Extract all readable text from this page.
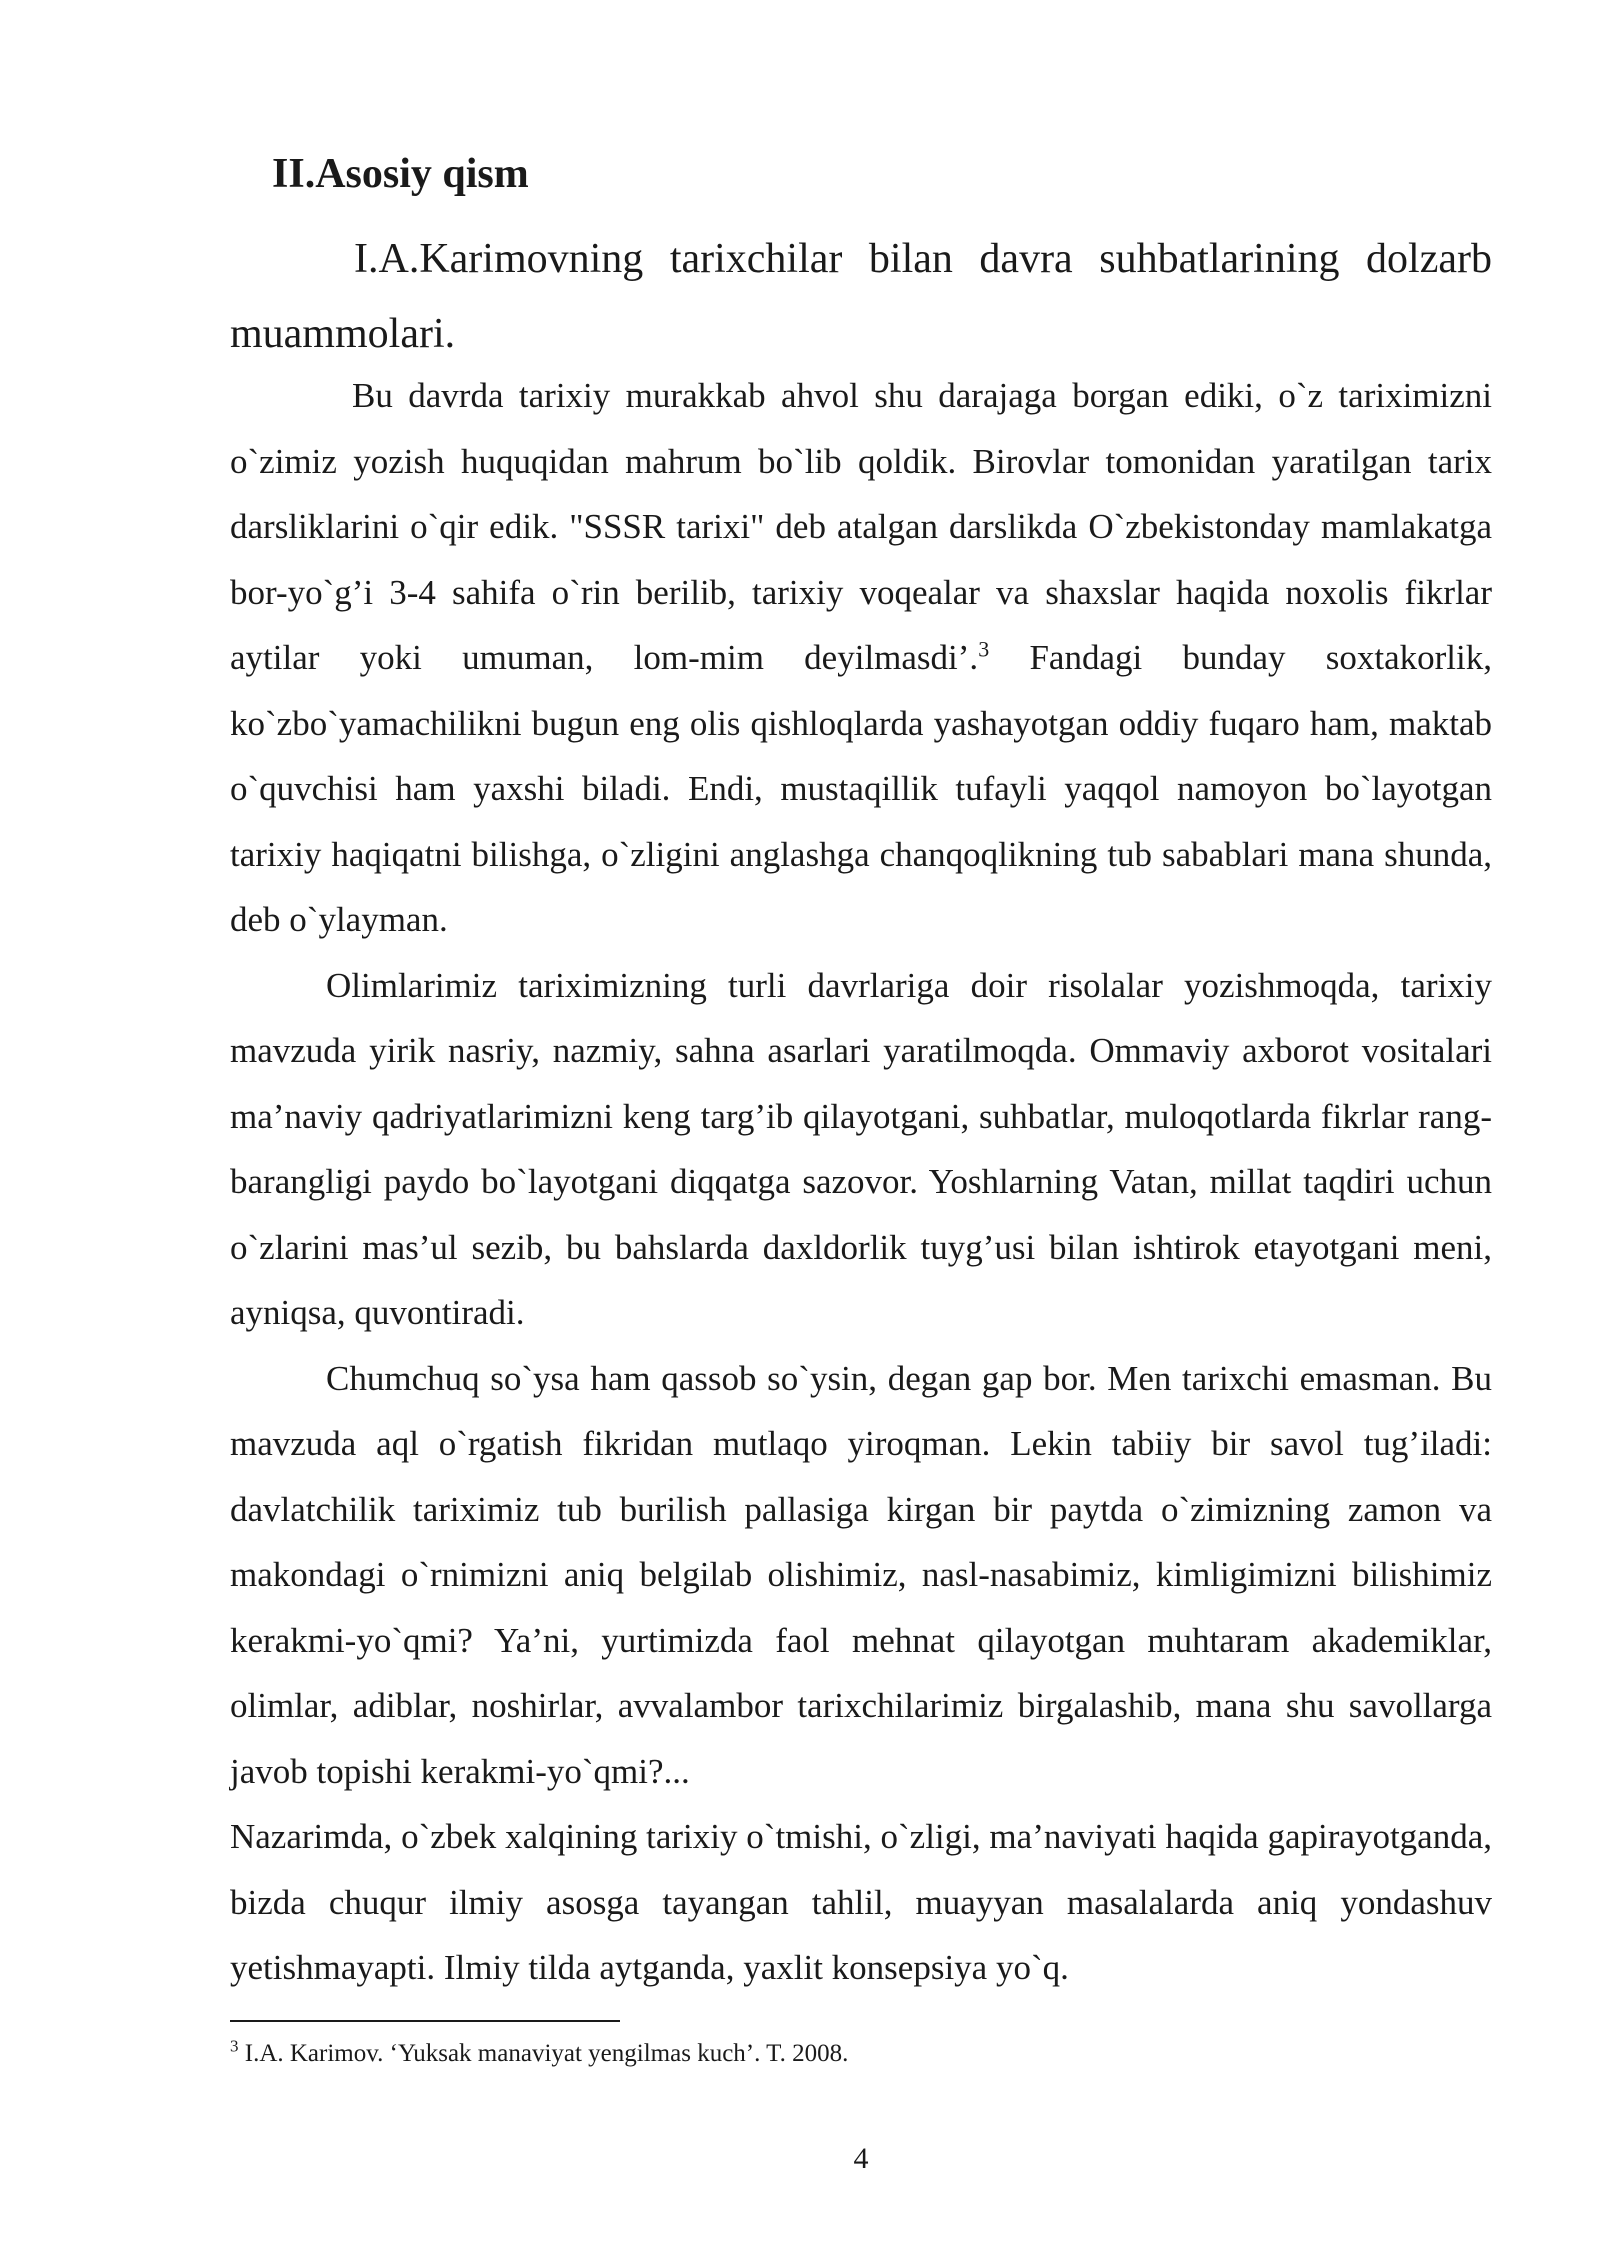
II.Asosiy qism

I.A.Karimovning tarixchilar bilan davra suhbatlarining dolzarb muammolari.

Bu davrda tarixiy murakkab ahvol shu darajaga borgan ediki, o`z tariximizni o`zimiz yozish huquqidan mahrum bo`lib qoldik. Birovlar tomonidan yaratilgan tarix darsliklarini o`qir edik. "SSSR tarixi" deb atalgan darslikda O`zbekistonday mamlakatga bor-yo`g’i 3-4 sahifa o`rin berilib, tarixiy voqealar va shaxslar haqida noxolis fikrlar aytilar yoki umuman, lom-mim deyilmasdi’.$^3$ Fandagi bunday soxtakorlik, ko`zbo`yamachilikni bugun eng olis qishloqlarda yashayotgan oddiy fuqaro ham, maktab o`quvchisi ham yaxshi biladi. Endi, mustaqillik tufayli yaqqol namoyon bo`layotgan tarixiy haqiqatni bilishga, o`zligini anglashga chanqoqlikning tub sabablari mana shunda, deb o`ylayman.

Olimlarimiz tariximizning turli davrlariga doir risolalar yozishmoqda, tarixiy mavzuda yirik nasriy, nazmiy, sahna asarlari yaratilmoqda. Ommaviy axborot vositalari ma’naviy qadriyatlarimizni keng targ’ib qilayotgani, suhbatlar, muloqotlarda fikrlar rang-barangligi paydo bo`layotgani diqqatga sazovor. Yoshlarning Vatan, millat taqdiri uchun o`zlarini mas’ul sezib, bu bahslarda daxldorlik tuyg’usi bilan ishtirok etayotgani meni, ayniqsa, quvontiradi.

Chumchuq so`ysa ham qassob so`ysin, degan gap bor. Men tarixchi emasman. Bu mavzuda aql o`rgatish fikridan mutlaqo yiroqman. Lekin tabiiy bir savol tug’iladi: davlatchilik tariximiz tub burilish pallasiga kirgan bir paytda o`zimizning zamon va makondagi o`rnimizni aniq belgilab olishimiz, nasl-nasabimiz, kimligimizni bilishimiz kerakmi-yo`qmi? Ya’ni, yurtimizda faol mehnat qilayotgan muhtaram akademiklar, olimlar, adiblar, noshirlar, avvalambor tarixchilarimiz birgalashib, mana shu savollarga javob topishi kerakmi-yo`qmi?...

Nazarimda, o`zbek xalqining tarixiy o`tmishi, o`zligi, ma’naviyati haqida gapirayotganda, bizda chuqur ilmiy asosga tayangan tahlil, muayyan masalalarda aniq yondashuv yetishmayapti. Ilmiy tilda aytganda, yaxlit konsepsiya yo`q.

$^3$ I.A. Karimov. ‘Yuksak manaviyat yengilmas kuch’. T. 2008.
4
